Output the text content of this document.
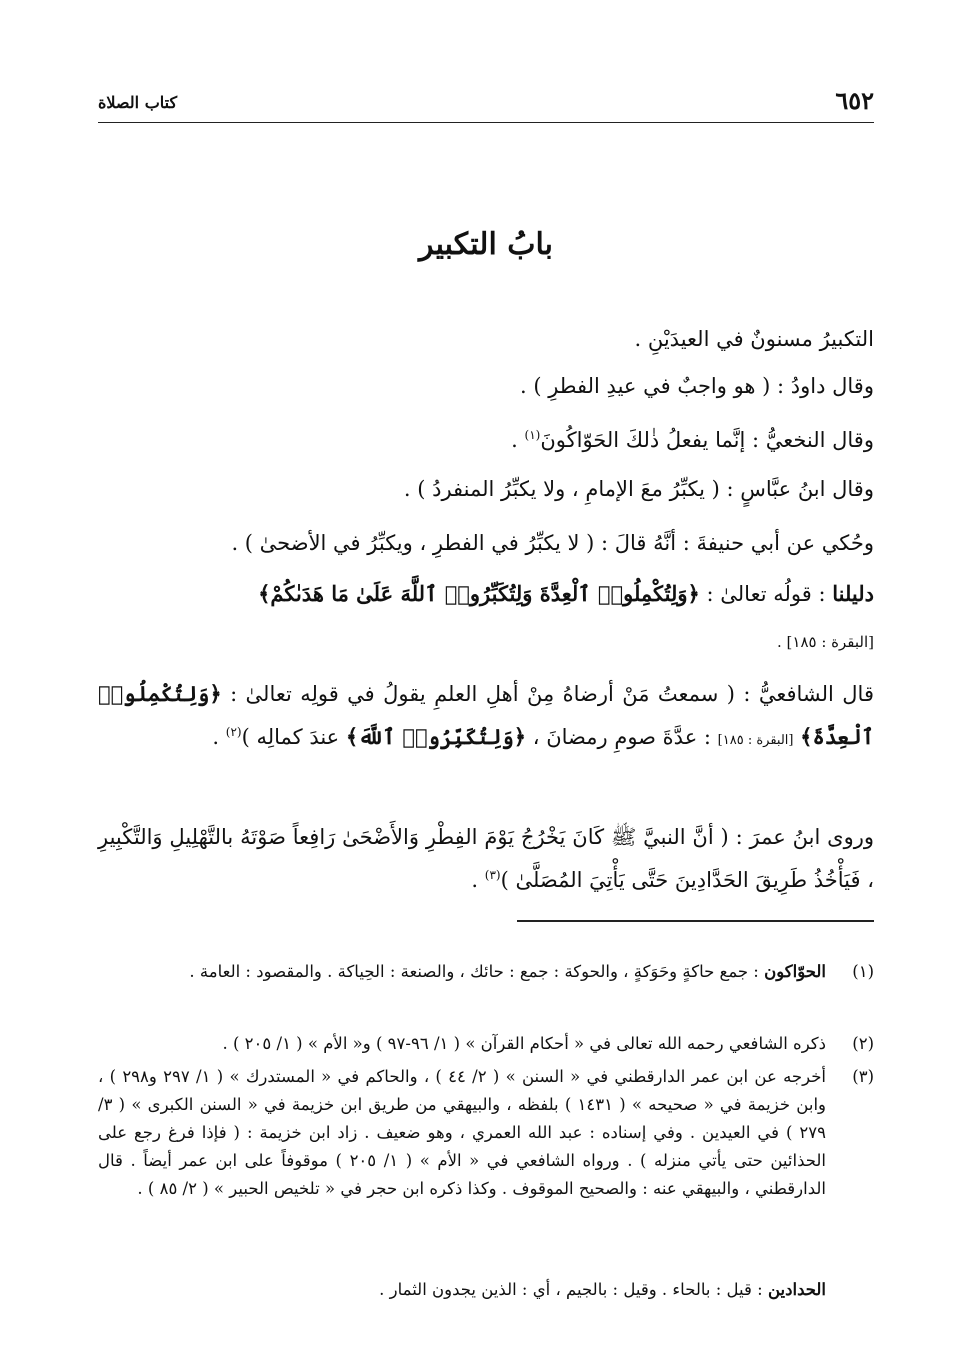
٦٥٢
كتاب الصلاة
بابُ التكبير
التكبيرُ مسنونٌ في العيدَيْنِ .
وقال داودُ : ( هو واجبٌ في عيدِ الفطرِ ) .
وقال النخعيُّ : إنَّما يفعلُ ذٰلكَ الحَوّاكُونَ$^{(١)}$ .
وقال ابنُ عبَّاسٍ : ( يكبِّرُ معَ الإمامِ ، ولا يكبِّرُ المنفردُ ) .
وحُكي عن أبي حنيفةَ : أنَّهُ قالَ : ( لا يكبِّرُ في الفطرِ ، ويكبِّرُ في الأضحىٰ ) .
دليلنا : قولُه تعالىٰ : ﴿وَلِتُكْمِلُوا۟ ٱلْعِدَّةَ وَلِتُكَبِّرُوا۟ ٱللَّهَ عَلَىٰ مَا هَدَىٰكُمْ﴾
[البقرة : ١٨٥] .
قال الشافعيُّ : ( سمعتُ مَنْ أرضاهُ مِنْ أهلِ العلمِ يقولُ في قولِه تعالىٰ : ﴿وَلِتُكْمِلُوا۟ ٱلْعِدَّةَ﴾ [البقرة : ١٨٥] : عدَّةَ صومِ رمضانَ ، ﴿وَلِتُكَبِّرُوا۟ ٱللَّهَ﴾ عندَ كمالِه )$^{(٢)}$ .
وروى ابنُ عمرَ : ( أنَّ النبيَّ ﷺ كَانَ يَخْرُجُ يَوْمَ الفِطْرِ وَالأَضْحَىٰ رَافِعاً صَوْتَهُ بالتَّهْلِيلِ وَالتَّكْبِيرِ ، فَيَأْخُذُ طَرِيقَ الحَدَّادِينَ حَتَّى يَأْتِيَ المُصَلَّىٰ )$^{(٣)}$ .
(١)
الحوّاكون : جمع حاكةٍ وحَوَكةٍ ، والحوكة : جمع : حائك ، والصنعة : الحِياكة . والمقصود : العامة .
(٢)
ذكره الشافعي رحمه الله تعالى في « أحكام القرآن » ( ١/ ٩٦-٩٧ ) و« الأم » ( ١/ ٢٠٥ ) .
(٣)
أخرجه عن ابن عمر الدارقطني في « السنن » ( ٢/ ٤٤ ) ، والحاكم في « المستدرك » ( ١/ ٢٩٧ و٢٩٨ ) ، وابن خزيمة في « صحيحه » ( ١٤٣١ ) بلفظه ، والبيهقي من طريق ابن خزيمة في « السنن الكبرى » ( ٣/ ٢٧٩ ) في العيدين . وفي إسناده : عبد الله العمري ، وهو ضعيف . زاد ابن خزيمة : ( فإذا فرغ رجع على الحذائين حتى يأتي منزله ) . ورواه الشافعي في « الأم » ( ١/ ٢٠٥ ) موقوفاً على ابن عمر أيضاً . قال الدارقطني ، والبيهقي عنه : والصحيح الموقوف . وكذا ذكره ابن حجر في « تلخيص الحبير » ( ٢/ ٨٥ ) .
الحدادين : قيل : بالحاء . وقيل : بالجيم ، أي : الذين يجدون الثمار .
